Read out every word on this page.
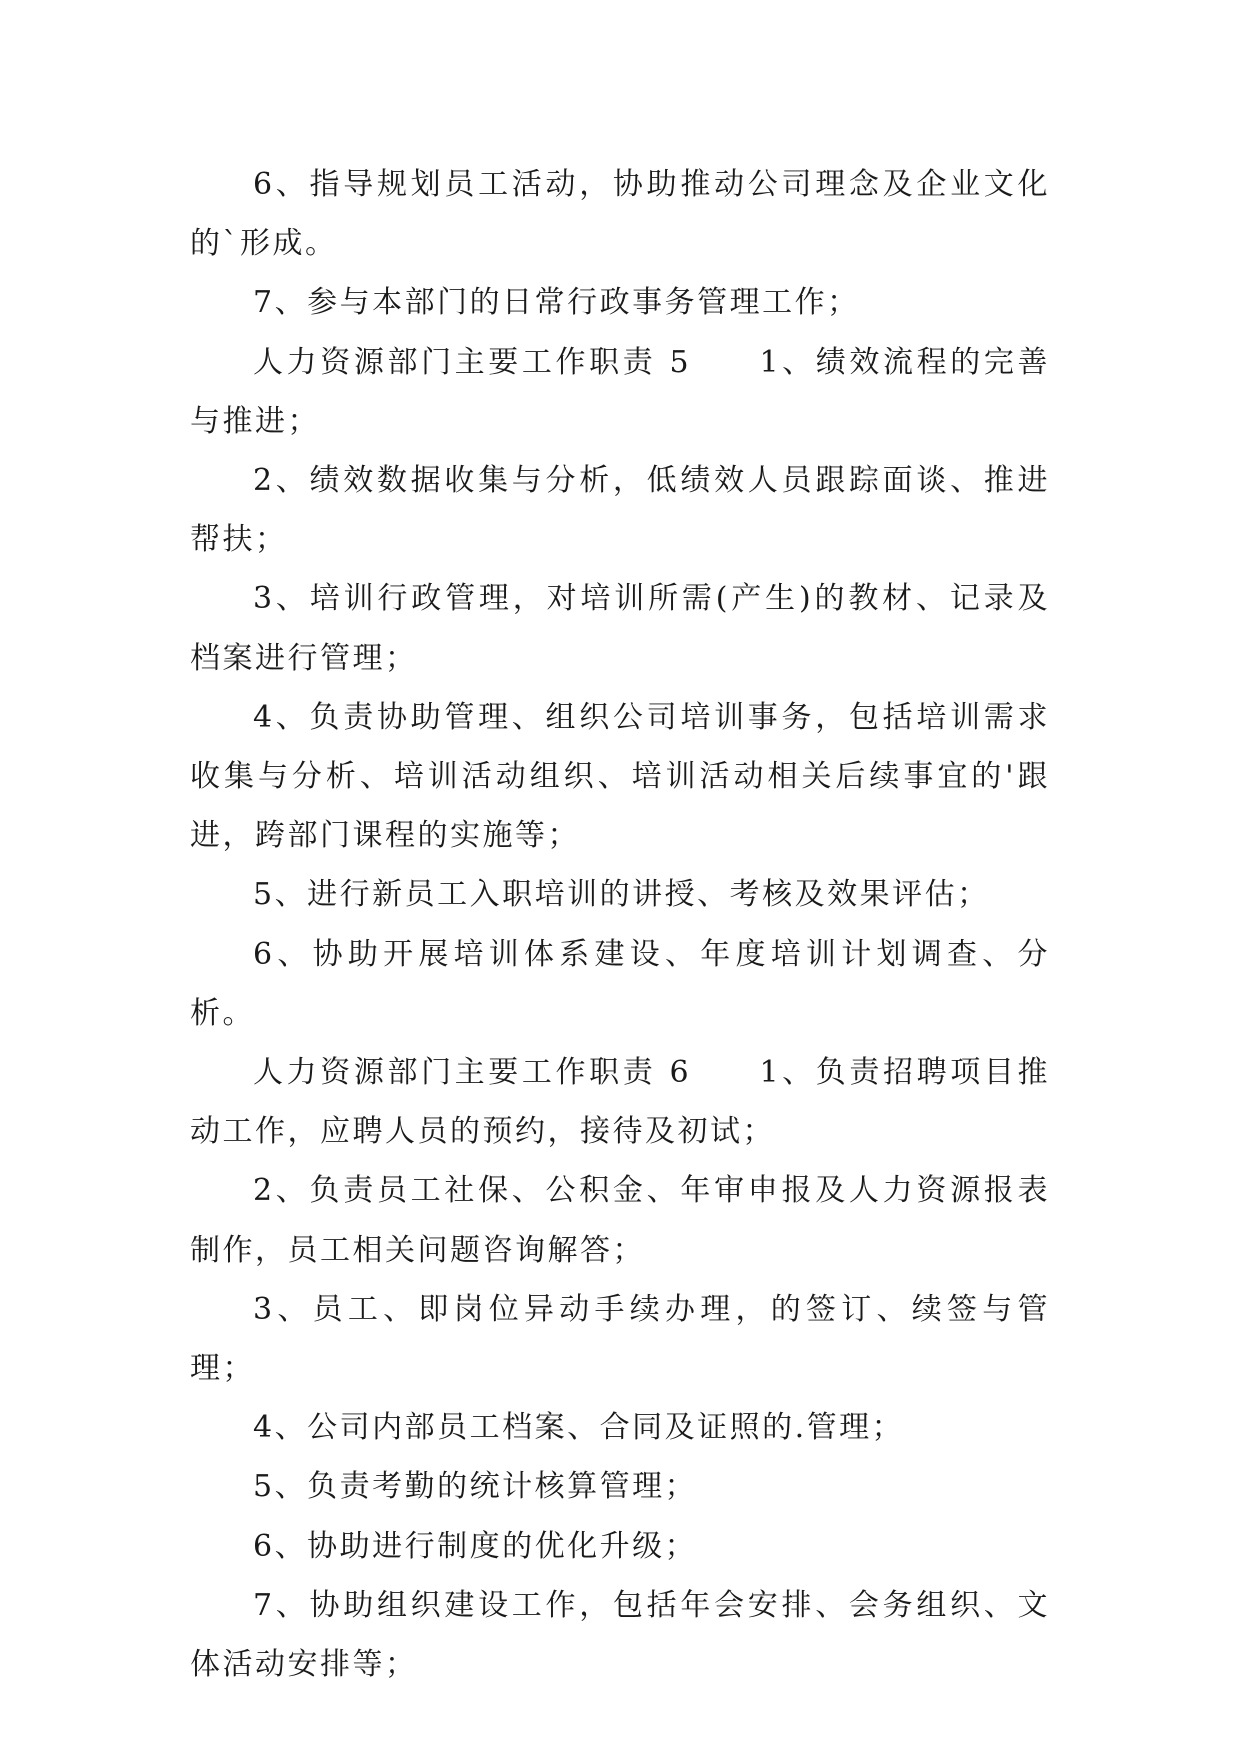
6、指导规划员工活动，协助推动公司理念及企业文化的`形成。

7、参与本部门的日常行政事务管理工作；

人力资源部门主要工作职责 5　　1、绩效流程的完善与推进；

2、绩效数据收集与分析，低绩效人员跟踪面谈、推进帮扶；

3、培训行政管理，对培训所需(产生)的教材、记录及档案进行管理；

4、负责协助管理、组织公司培训事务，包括培训需求收集与分析、培训活动组织、培训活动相关后续事宜的'跟进，跨部门课程的实施等；

5、进行新员工入职培训的讲授、考核及效果评估；

6、协助开展培训体系建设、年度培训计划调查、分析。

人力资源部门主要工作职责 6　　1、负责招聘项目推动工作，应聘人员的预约，接待及初试；

2、负责员工社保、公积金、年审申报及人力资源报表制作，员工相关问题咨询解答；

3、员工、即岗位异动手续办理，的签订、续签与管理；

4、公司内部员工档案、合同及证照的.管理；

5、负责考勤的统计核算管理；

6、协助进行制度的优化升级；

7、协助组织建设工作，包括年会安排、会务组织、文体活动安排等；
